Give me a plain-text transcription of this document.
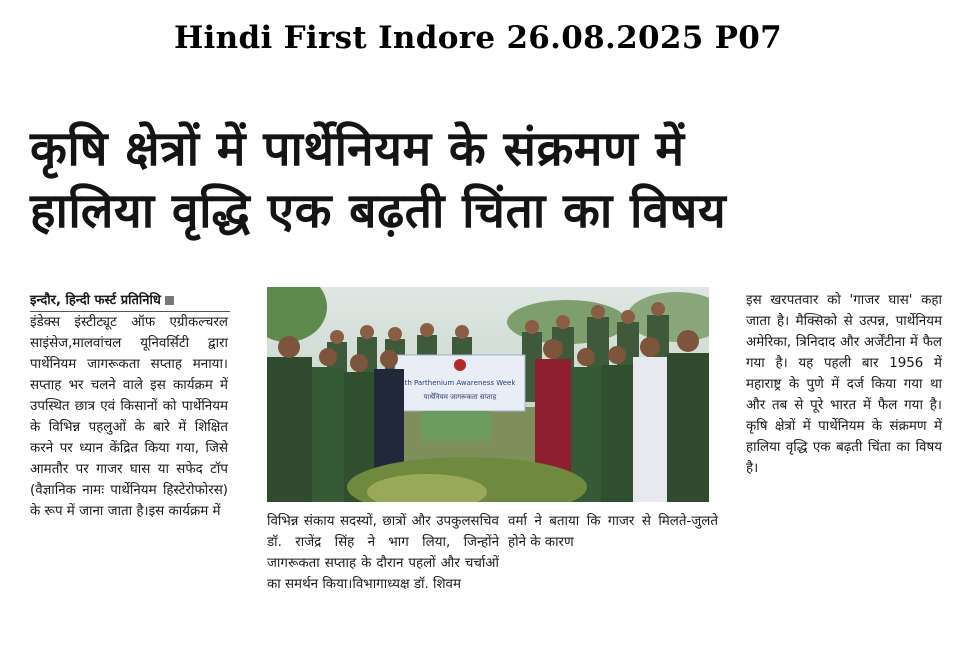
Hindi First Indore 26.08.2025 P07
कृषि क्षेत्रों में पार्थेनियम के संक्रमण में
हालिया वृद्धि एक बढ़ती चिंता का विषय
इन्दौर, हिन्दी फर्स्ट प्रतिनिधि

इंडेक्स इंस्टीट्यूट ऑफ एग्रीकल्चरल साइंसेज,मालवांचल यूनिवर्सिटी द्वारा पार्थेनियम जागरूकता सप्ताह मनाया। सप्ताह भर चलने वाले इस कार्यक्रम में उपस्थित छात्र एवं किसानों को पार्थेनियम के विभिन्न पहलुओं के बारे में शिक्षित करने पर ध्यान केंद्रित किया गया, जिसे आमतौर पर गाजर घास या सफेद टॉप (वैज्ञानिक नामः पार्थेनियम हिस्टेरोफोरस) के रूप में जाना जाता है।इस कार्यक्रम में

th Parthenium Awareness Week
पार्थेनियम जागरूकता सप्ताह

विभिन्न संकाय सदस्यों, छात्रों और उपकुलसचिव डॉ. राजेंद्र सिंह ने भाग लिया, जिन्होंने जागरूकता सप्ताह के दौरान पहलों और चर्चाओं का समर्थन किया।विभागाध्यक्ष डॉ. शिवम

वर्मा ने बताया कि गाजर से मिलते-जुलते होने के कारण

इस खरपतवार को 'गाजर घास' कहा जाता है। मैक्सिको से उत्पन्न, पार्थेनियम अमेरिका, त्रिनिदाद और अर्जेंटीना में फैल गया है। यह पहली बार 1956 में महाराष्ट्र के पुणे में दर्ज किया गया था और तब से पूरे भारत में फैल गया है।कृषि क्षेत्रों में पार्थेनियम के संक्रमण में हालिया वृद्धि एक बढ़ती चिंता का विषय है।
